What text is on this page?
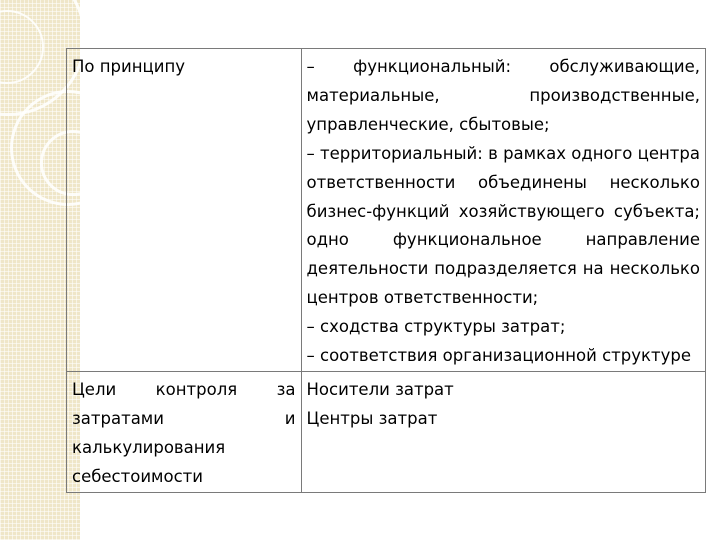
По принципу	– функциональный: обслуживающие, материальные, производственные, управленческие, сбытовые;

– территориальный: в рамках одного центра ответственности объединены несколько бизнес-функций хозяйствующего субъекта; одно функциональное направление деятельности подразделяется на несколько центров ответственности;

– сходства структуры затрат;

– соответствия организационной структуре

Цели контроля за затратами и калькулирования себестоимости	Носители затрат

Центры затрат
